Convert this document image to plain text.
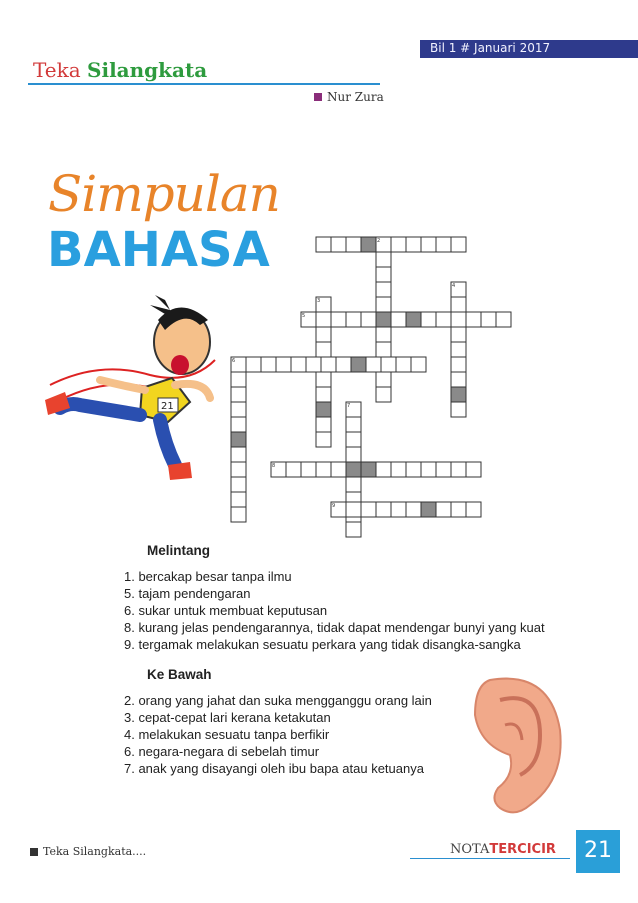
Bil 1 # Januari 2017
Teka Silangkata
Nur Zura
Simpulan
BAHASA
21
2
3
4
5
6
7
8
9
Melintang
1. bercakap besar tanpa ilmu
5. tajam pendengaran
6. sukar untuk membuat keputusan
8. kurang jelas pendengarannya, tidak dapat mendengar bunyi yang kuat
9. tergamak melakukan sesuatu perkara yang tidak disangka-sangka
Ke Bawah
2. orang yang jahat dan suka mengganggu orang lain
3. cepat-cepat lari kerana ketakutan
4. melakukan sesuatu tanpa berfikir
6. negara-negara di sebelah timur
7. anak yang disayangi oleh ibu bapa atau ketuanya
Teka Silangkata....	NOTATERCICIR	21
